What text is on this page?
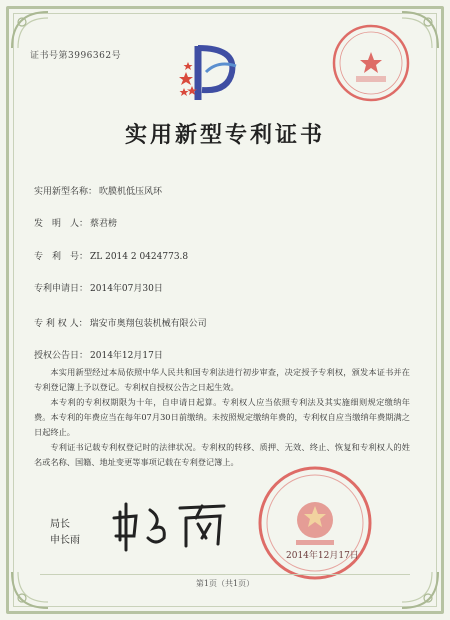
证书号第3996362号
实用新型专利证书
实用新型名称： 吹膜机低压风环
发　明　人： 蔡君榜
专　利　号： ZL 2014 2 0424773.8
专利申请日： 2014年07月30日
专 利 权 人： 瑞安市奥翔包装机械有限公司
授权公告日： 2014年12月17日

本实用新型经过本局依照中华人民共和国专利法进行初步审查，决定授予专利权，颁发本证书并在专利登记簿上予以登记。专利权自授权公告之日起生效。

本专利的专利权期限为十年，自申请日起算。专利权人应当依照专利法及其实施细则规定缴纳年费。本专利的年费应当在每年07月30日前缴纳。未按照规定缴纳年费的，专利权自应当缴纳年费期满之日起终止。

专利证书记载专利权登记时的法律状况。专利权的转移、质押、无效、终止、恢复和专利权人的姓名或名称、国籍、地址变更等事项记载在专利登记簿上。

局长
申长雨
2014年12月17日
第1页（共1页）
